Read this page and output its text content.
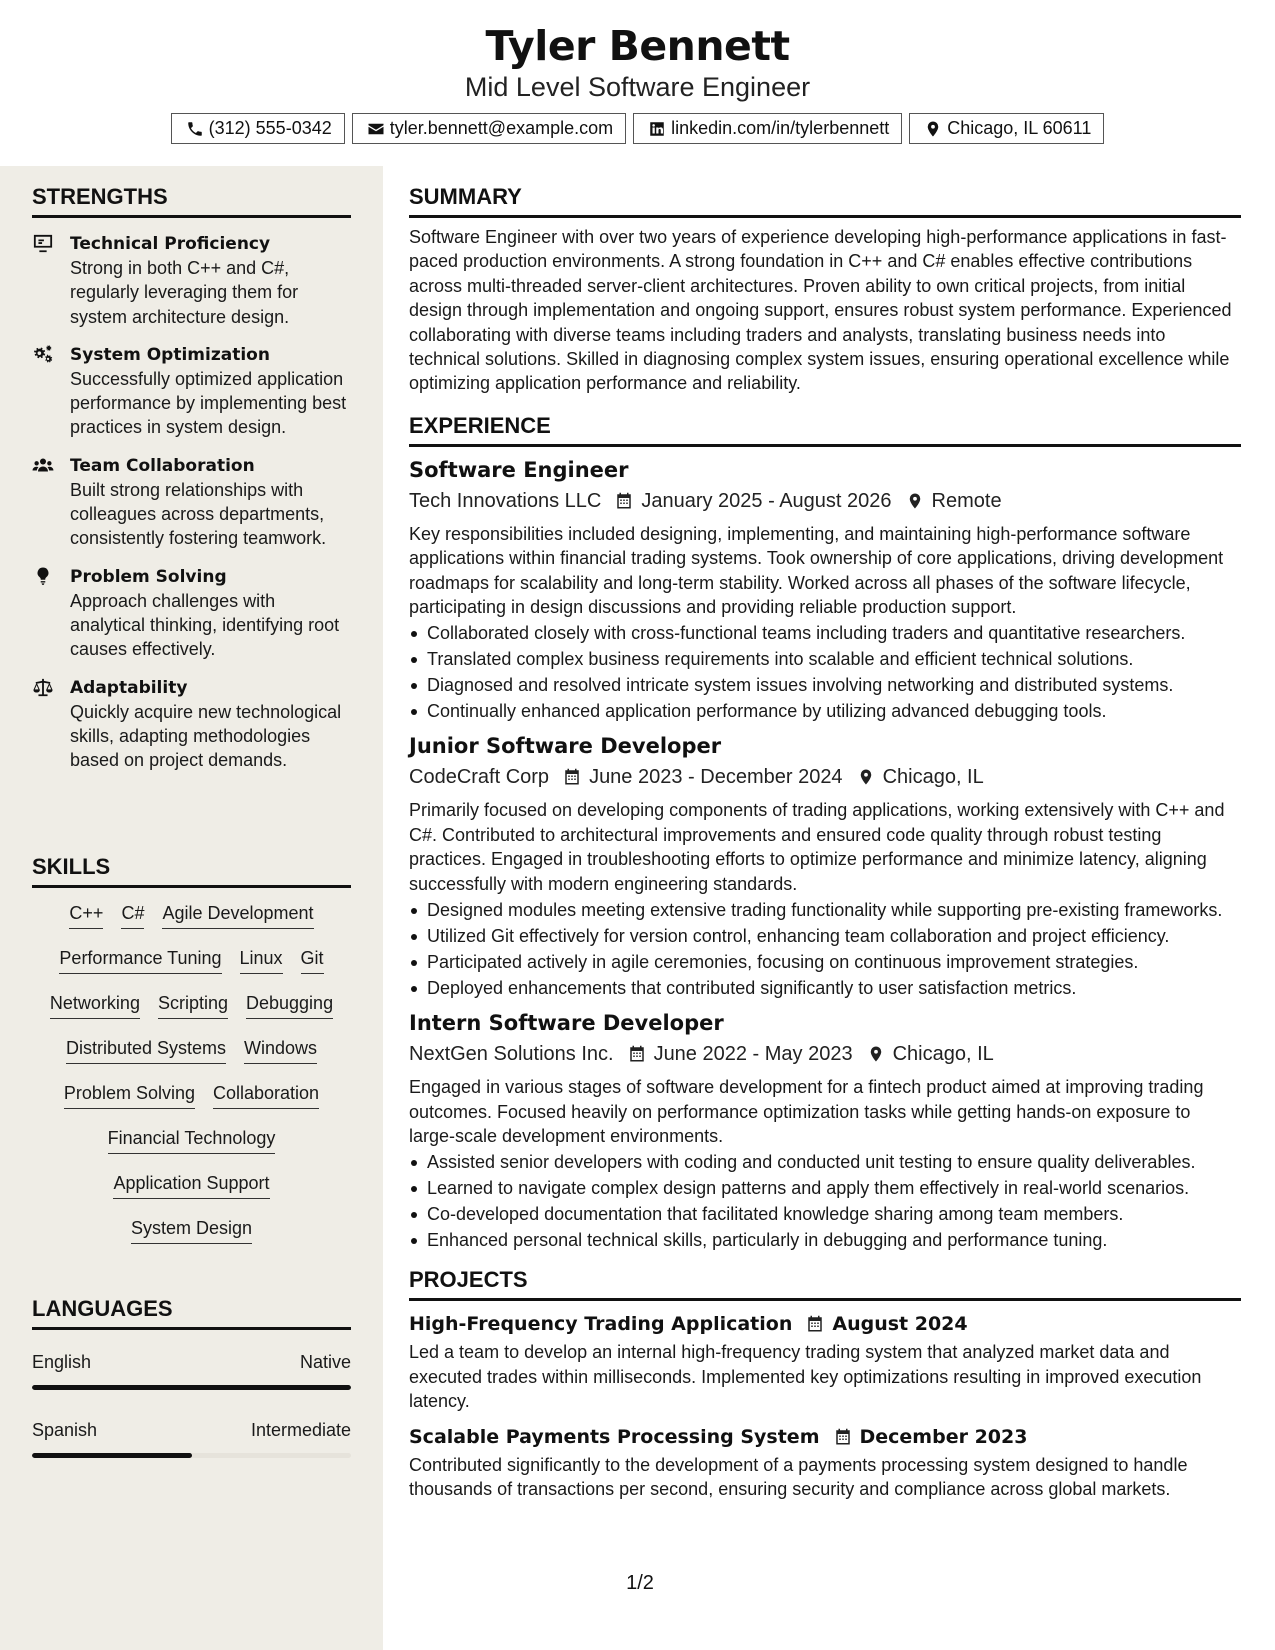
Tyler Bennett
Mid Level Software Engineer
(312) 555-0342	tyler.bennett@example.com	linkedin.com/in/tylerbennett	Chicago, IL 60611
STRENGTHS
Technical Proficiency
Strong in both C++ and C#, regularly leveraging them for system architecture design.
System Optimization
Successfully optimized application performance by implementing best practices in system design.
Team Collaboration
Built strong relationships with colleagues across departments, consistently fostering teamwork.
Problem Solving
Approach challenges with analytical thinking, identifying root causes effectively.
Adaptability
Quickly acquire new technological skills, adapting methodologies based on project demands.
SKILLS
C++ C# Agile Development
Performance Tuning Linux Git
Networking Scripting Debugging
Distributed Systems Windows
Problem Solving Collaboration
Financial Technology
Application Support
System Design
LANGUAGES
English	Native
Spanish	Intermediate
SUMMARY
Software Engineer with over two years of experience developing high-performance applications in fast-paced production environments. A strong foundation in C++ and C# enables effective contributions across multi-threaded server-client architectures. Proven ability to own critical projects, from initial design through implementation and ongoing support, ensures robust system performance. Experienced collaborating with diverse teams including traders and analysts, translating business needs into technical solutions. Skilled in diagnosing complex system issues, ensuring operational excellence while optimizing application performance and reliability.
EXPERIENCE
Software Engineer
Tech Innovations LLC January 2025 - August 2026 Remote
Key responsibilities included designing, implementing, and maintaining high-performance software applications within financial trading systems. Took ownership of core applications, driving development roadmaps for scalability and long-term stability. Worked across all phases of the software lifecycle, participating in design discussions and providing reliable production support.
Collaborated closely with cross-functional teams including traders and quantitative researchers.
Translated complex business requirements into scalable and efficient technical solutions.
Diagnosed and resolved intricate system issues involving networking and distributed systems.
Continually enhanced application performance by utilizing advanced debugging tools.
Junior Software Developer
CodeCraft Corp June 2023 - December 2024 Chicago, IL
Primarily focused on developing components of trading applications, working extensively with C++ and C#. Contributed to architectural improvements and ensured code quality through robust testing practices. Engaged in troubleshooting efforts to optimize performance and minimize latency, aligning successfully with modern engineering standards.
Designed modules meeting extensive trading functionality while supporting pre-existing frameworks.
Utilized Git effectively for version control, enhancing team collaboration and project efficiency.
Participated actively in agile ceremonies, focusing on continuous improvement strategies.
Deployed enhancements that contributed significantly to user satisfaction metrics.
Intern Software Developer
NextGen Solutions Inc. June 2022 - May 2023 Chicago, IL
Engaged in various stages of software development for a fintech product aimed at improving trading outcomes. Focused heavily on performance optimization tasks while getting hands-on exposure to large-scale development environments.
Assisted senior developers with coding and conducted unit testing to ensure quality deliverables.
Learned to navigate complex design patterns and apply them effectively in real-world scenarios.
Co-developed documentation that facilitated knowledge sharing among team members.
Enhanced personal technical skills, particularly in debugging and performance tuning.
PROJECTS
High-Frequency Trading Application August 2024
Led a team to develop an internal high-frequency trading system that analyzed market data and executed trades within milliseconds. Implemented key optimizations resulting in improved execution latency.
Scalable Payments Processing System December 2023
Contributed significantly to the development of a payments processing system designed to handle thousands of transactions per second, ensuring security and compliance across global markets.
1/2
